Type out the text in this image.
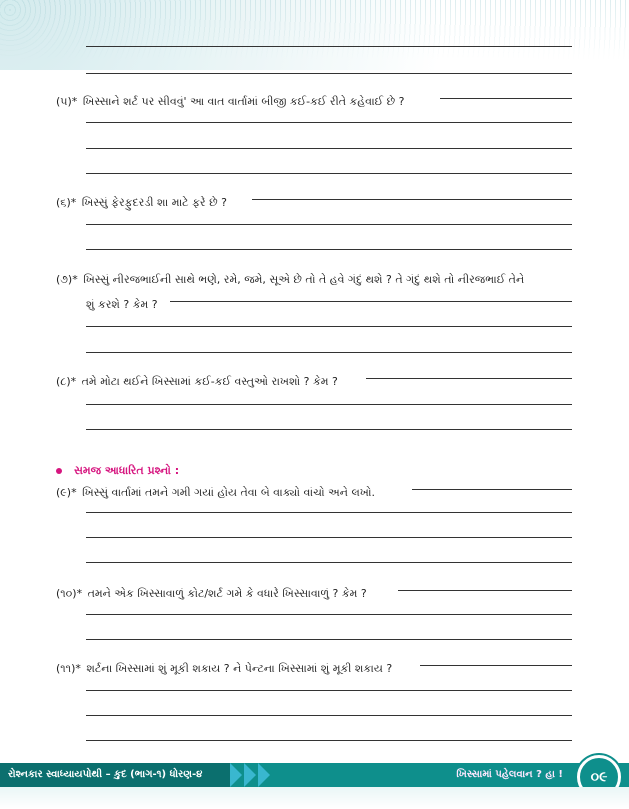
(૫)* ખિસ્સાને શર્ટ પર સીવવું' આ વાત વાર્તામાં બીજી કઈ-કઈ રીતે કહેવાઈ છે ?
(૬)* ખિસ્સું ફેરફુદરડી શા માટે ફરે છે ?
(૭)* ખિસ્સું નીરજભાઈની સાથે ભણે, રમે, જમે, સૂએ છે તો તે હવે ગંદું થશે ? તે ગંદું થશે તો નીરજભાઈ તેને
શું કરશે ? કેમ ?
(૮)* તમે મોટા થઈને ખિસ્સામાં કઈ-કઈ વસ્તુઓ રાખશો ? કેમ ?
સમજ આધારિત પ્રશ્નો :
(૯)* ખિસ્સું વાર્તામાં તમને ગમી ગયાં હોય તેવા બે વાક્યો વાંચો અને લખો.
(૧૦)* તમને એક ખિસ્સાવાળું કોટ/શર્ટ ગમે કે વધારે ખિસ્સાવાળું ? કેમ ?
(૧૧)* શર્ટના ખિસ્સામાં શું મૂકી શકાય ? ને પેન્ટના ખિસ્સામાં શું મૂકી શકાય ?
રોશ્નકાર સ્વાધ્યાયપોથી – કુદ (ભાગ-૧) ધોરણ-૪	ખિસ્સામાં પહેલવાન ? હા !	૦૯
